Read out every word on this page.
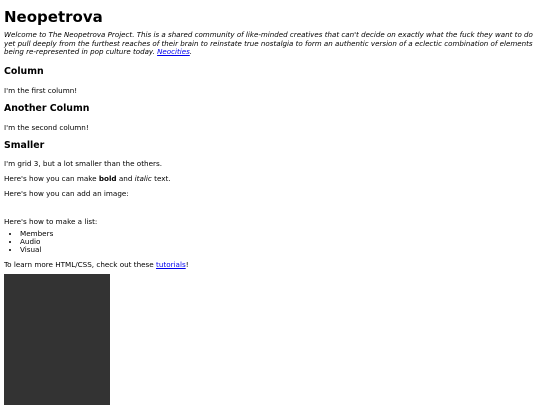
Neopetrova

Welcome to The Neopetrova Project. This is a shared community of like-minded creatives that can't decide on exactly what the fuck they want to do yet pull deeply from the furthest reaches of their brain to reinstate true nostalgia to form an authentic version of a eclectic combination of elements being re-represented in pop culture today. Neocities.

Column

I'm the first column!

Another Column

I'm the second column!

Smaller

I'm grid 3, but a lot smaller than the others.

Here's how you can make bold and italic text.

Here's how you can add an image:

Here's how to make a list:

• Members
• Audio
• Visual

To learn more HTML/CSS, check out these tutorials!
